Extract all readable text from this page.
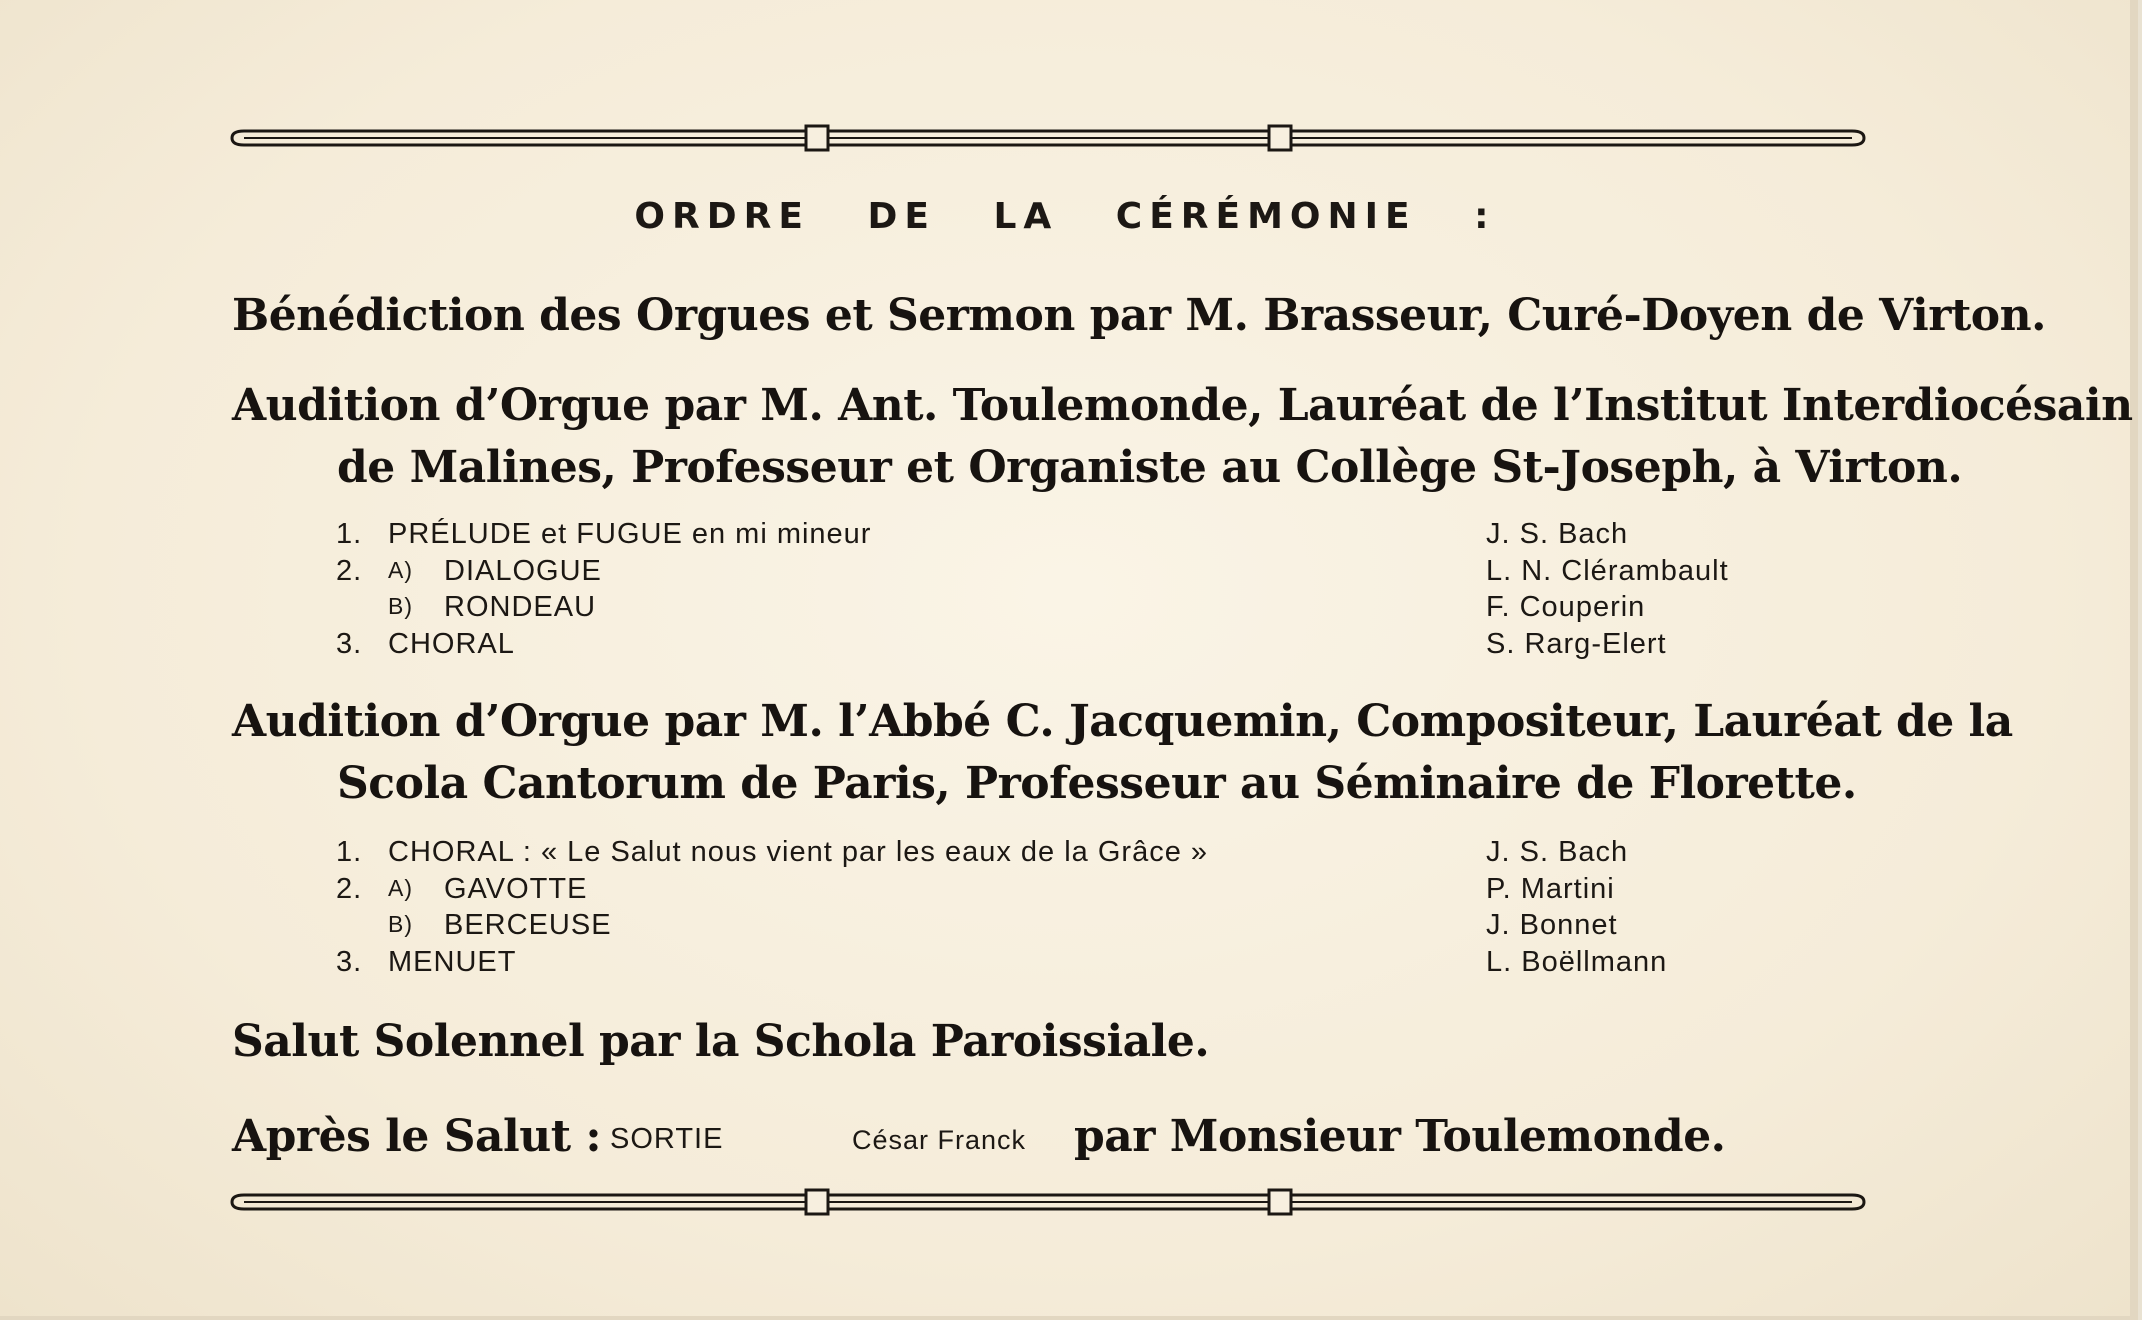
ORDRE DE LA CÉRÉMONIE :
Bénédiction des Orgues et Sermon par M. Brasseur, Curé-Doyen de Virton.
Audition d’Orgue par M. Ant. Toulemonde, Lauréat de l’Institut Interdiocésain
de Malines, Professeur et Organiste au Collège St-Joseph, à Virton.
1. PRÉLUDE et FUGUE en mi mineur	J. S. Bach
2. A) DIALOGUE	L. N. Clérambault
B) RONDEAU	F. Couperin
3. CHORAL	S. Rarg-Elert
Audition d’Orgue par M. l’Abbé C. Jacquemin, Compositeur, Lauréat de la
Scola Cantorum de Paris, Professeur au Séminaire de Florette.
1. CHORAL : « Le Salut nous vient par les eaux de la Grâce »	J. S. Bach
2. A) GAVOTTE	P. Martini
B) BERCEUSE	J. Bonnet
3. MENUET	L. Boëllmann
Salut Solennel par la Schola Paroissiale.
Après le Salut : SORTIE	César Franck par Monsieur Toulemonde.
